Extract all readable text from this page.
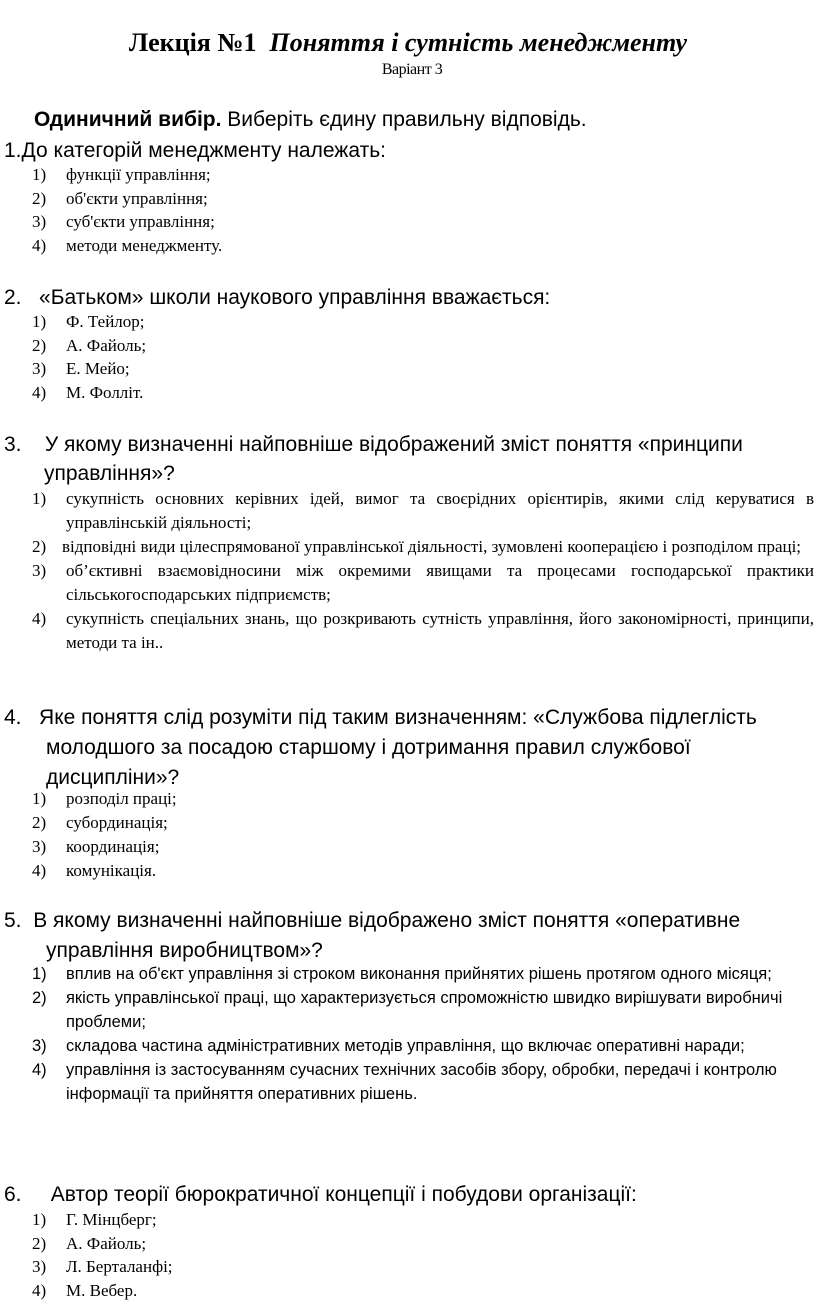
Лекція №1 Поняття і сутність менеджменту
Варіант 3
Одиничний вибір. Виберіть єдину правильну відповідь.
1.До категорій менеджменту належать:
1) функції управління;
2) об'єкти управління;
3) суб'єкти управління;
4) методи менеджменту.
2. «Батьком» школи наукового управління вважається:
1) Ф. Тейлор;
2) А. Файоль;
3) Е. Мейо;
4) М. Фолліт.
3. У якому визначенні найповніше відображений зміст поняття «принципи управління»?
1) сукупність основних керівних ідей, вимог та своєрідних орієнтирів, якими слід керуватися в управлінській діяльності;
2) відповідні види цілеспрямованої управлінської діяльності, зумовлені кооперацією і розподілом праці;
3) об’єктивні взаємовідносини між окремими явищами та процесами господарської практики сільськогосподарських підприємств;
4) сукупність спеціальних знань, що розкривають сутність управління, його закономірності, принципи, методи та ін..
4. Яке поняття слід розуміти під таким визначенням: «Службова підлеглість молодшого за посадою старшому і дотримання правил службової дисципліни»?
1) розподіл праці;
2) субординація;
3) координація;
4) комунікація.
5. В якому визначенні найповніше відображено зміст поняття «оперативне управління виробництвом»?
1) вплив на об'єкт управління зі строком виконання прийнятих рішень протягом одного місяця;
2) якість управлінської праці, що характеризується спроможністю швидко вирішувати виробничі проблеми;
3) складова частина адміністративних методів управління, що включає оперативні наради;
4) управління із застосуванням сучасних технічних засобів збору, обробки, передачі і контролю інформації та прийняття оперативних рішень.
6. Автор теорії бюрократичної концепції і побудови організації:
1) Г. Мінцберг;
2) А. Файоль;
3) Л. Берталанфі;
4) М. Вебер.
